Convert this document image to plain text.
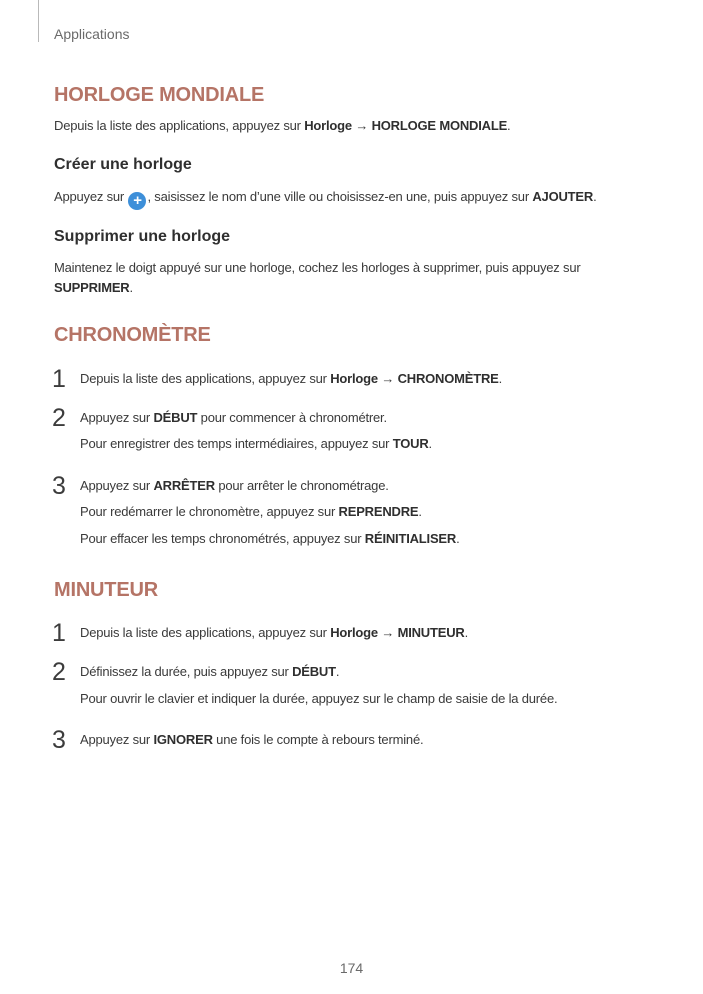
Applications
HORLOGE MONDIALE

Depuis la liste des applications, appuyez sur Horloge → HORLOGE MONDIALE.

Créer une horloge

Appuyez sur + , saisissez le nom d’une ville ou choisissez-en une, puis appuyez sur AJOUTER.

Supprimer une horloge

Maintenez le doigt appuyé sur une horloge, cochez les horloges à supprimer, puis appuyez sur SUPPRIMER.

CHRONOMÈTRE
1 Depuis la liste des applications, appuyez sur Horloge → CHRONOMÈTRE.

2 Appuyez sur DÉBUT pour commencer à chronométrer.

Pour enregistrer des temps intermédiaires, appuyez sur TOUR.

3 Appuyez sur ARRÊTER pour arrêter le chronométrage.

Pour redémarrer le chronomètre, appuyez sur REPRENDRE.

Pour effacer les temps chronométrés, appuyez sur RÉINITIALISER.

MINUTEUR
1 Depuis la liste des applications, appuyez sur Horloge → MINUTEUR.

2 Définissez la durée, puis appuyez sur DÉBUT.

Pour ouvrir le clavier et indiquer la durée, appuyez sur le champ de saisie de la durée.

3 Appuyez sur IGNORER une fois le compte à rebours terminé.

174
